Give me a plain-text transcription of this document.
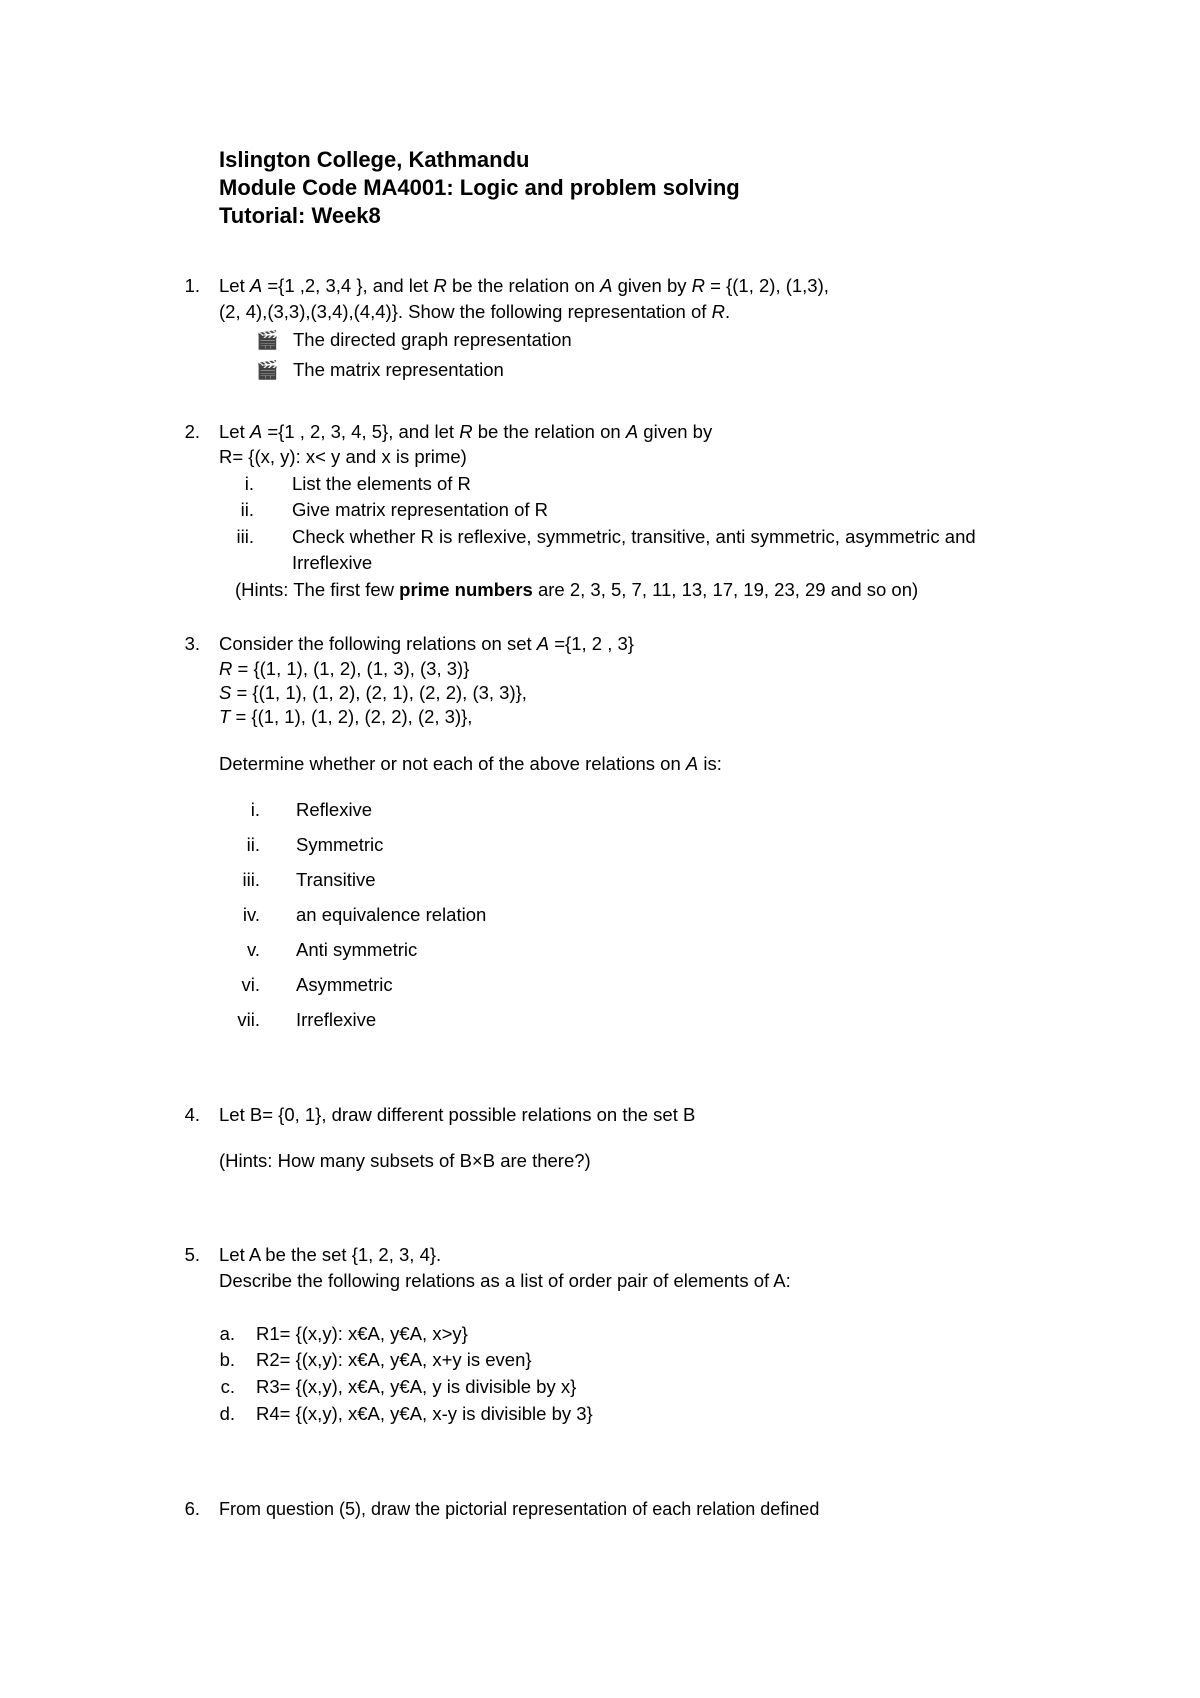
Islington College, Kathmandu
Module Code MA4001: Logic and problem solving
Tutorial: Week8
1. Let A ={1 ,2, 3,4 }, and let R be the relation on A given by R = {(1, 2), (1,3),
(2, 4),(3,3),(3,4),(4,4)}. Show the following representation of R.
🎬 The directed graph representation
🎬 The matrix representation
2. Let A ={1 , 2, 3, 4, 5}, and let R be the relation on A given by
R= {(x, y): x< y and x is prime)
i. List the elements of R
ii. Give matrix representation of R
iii. Check whether R is reflexive, symmetric, transitive, anti symmetric, asymmetric and
Irreflexive
(Hints: The first few prime numbers are 2, 3, 5, 7, 11, 13, 17, 19, 23, 29 and so on)
3. Consider the following relations on set A ={1, 2 , 3}
R = {(1, 1), (1, 2), (1, 3), (3, 3)}
S = {(1, 1), (1, 2), (2, 1), (2, 2), (3, 3)},
T = {(1, 1), (1, 2), (2, 2), (2, 3)},
Determine whether or not each of the above relations on A is:
i. Reflexive
ii. Symmetric
iii. Transitive
iv. an equivalence relation
v. Anti symmetric
vi. Asymmetric
vii. Irreflexive
4. Let B= {0, 1}, draw different possible relations on the set B
(Hints: How many subsets of B×B are there?)
5. Let A be the set {1, 2, 3, 4}.
Describe the following relations as a list of order pair of elements of A:
a. R1= {(x,y): x€A, y€A, x>y}
b. R2= {(x,y): x€A, y€A, x+y is even}
c. R3= {(x,y), x€A, y€A, y is divisible by x}
d. R4= {(x,y), x€A, y€A, x-y is divisible by 3}
6. From question (5), draw the pictorial representation of each relation defined
